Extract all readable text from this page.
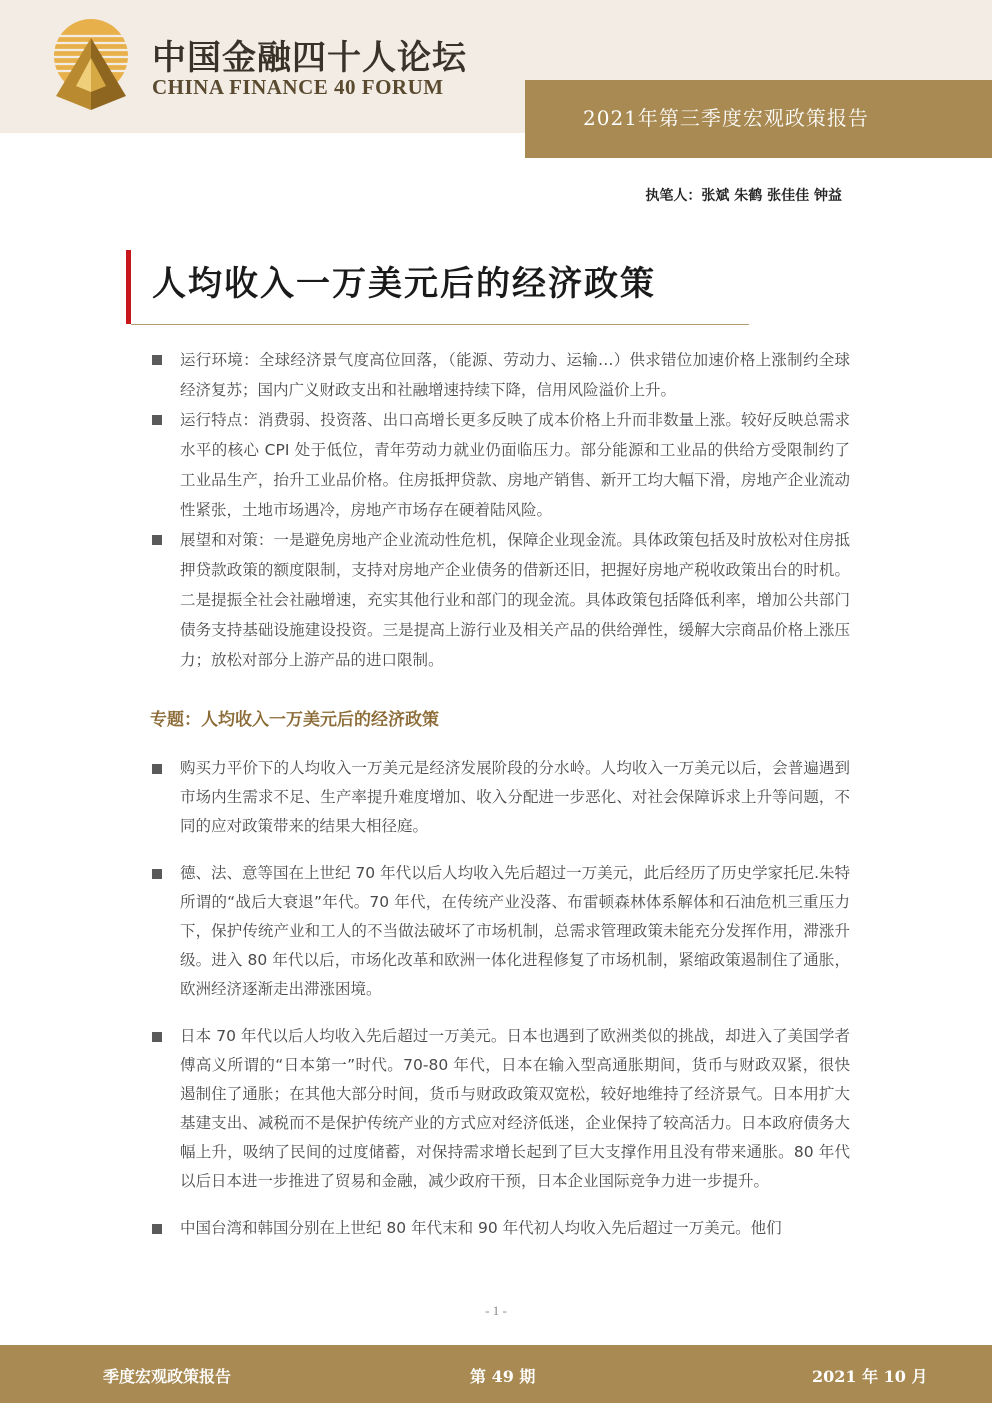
中国金融四十人论坛
CHINA FINANCE 40 FORUM
2021年第三季度宏观政策报告
执笔人：张斌 朱鹤 张佳佳 钟益
人均收入一万美元后的经济政策
运行环境：全球经济景气度高位回落，（能源、劳动力、运输…）供求错位加速价格上涨制约全球经济复苏；国内广义财政支出和社融增速持续下降，信用风险溢价上升。
运行特点：消费弱、投资落、出口高增长更多反映了成本价格上升而非数量上涨。较好反映总需求水平的核心 CPI 处于低位，青年劳动力就业仍面临压力。部分能源和工业品的供给方受限制约了工业品生产，抬升工业品价格。住房抵押贷款、房地产销售、新开工均大幅下滑，房地产企业流动性紧张，土地市场遇冷，房地产市场存在硬着陆风险。
展望和对策：一是避免房地产企业流动性危机，保障企业现金流。具体政策包括及时放松对住房抵押贷款政策的额度限制，支持对房地产企业债务的借新还旧，把握好房地产税收政策出台的时机。二是提振全社会社融增速，充实其他行业和部门的现金流。具体政策包括降低利率，增加公共部门债务支持基础设施建设投资。三是提高上游行业及相关产品的供给弹性，缓解大宗商品价格上涨压力；放松对部分上游产品的进口限制。
专题：人均收入一万美元后的经济政策
购买力平价下的人均收入一万美元是经济发展阶段的分水岭。人均收入一万美元以后，会普遍遇到市场内生需求不足、生产率提升难度增加、收入分配进一步恶化、对社会保障诉求上升等问题，不同的应对政策带来的结果大相径庭。
德、法、意等国在上世纪 70 年代以后人均收入先后超过一万美元，此后经历了历史学家托尼.朱特所谓的“战后大衰退”年代。70 年代，在传统产业没落、布雷顿森林体系解体和石油危机三重压力下，保护传统产业和工人的不当做法破坏了市场机制，总需求管理政策未能充分发挥作用，滞涨升级。进入 80 年代以后，市场化改革和欧洲一体化进程修复了市场机制，紧缩政策遏制住了通胀，欧洲经济逐渐走出滞涨困境。
日本 70 年代以后人均收入先后超过一万美元。日本也遇到了欧洲类似的挑战，却进入了美国学者傅高义所谓的“日本第一”时代。70-80 年代，日本在输入型高通胀期间，货币与财政双紧，很快遏制住了通胀；在其他大部分时间，货币与财政政策双宽松，较好地维持了经济景气。日本用扩大基建支出、减税而不是保护传统产业的方式应对经济低迷，企业保持了较高活力。日本政府债务大幅上升，吸纳了民间的过度储蓄，对保持需求增长起到了巨大支撑作用且没有带来通胀。80 年代以后日本进一步推进了贸易和金融，减少政府干预，日本企业国际竞争力进一步提升。
中国台湾和韩国分别在上世纪 80 年代末和 90 年代初人均收入先后超过一万美元。他们
- 1 -
季度宏观政策报告	第 49 期	2021 年 10 月
